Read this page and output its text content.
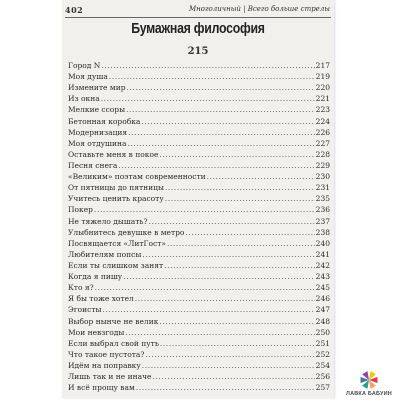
402	Многоличный | Всего больше стрелы
Бумажная философия
215
Город N .....	217
Моя душа .....	219
Измените мир .....	220
Из окна .....	221
Мелкие ссоры .....	223
Бетонная коробка .....	224
Модернизация .....	226
Моя отдушина .....	227
Оставьте меня в покое .....	228
Песня снега .....	229
«Великим» поэтам современности .....	230
От пятницы до пятницы .....	231
Учитесь ценить красоту .....	235
Покер .....	236
Не тяжело дышать? .....	237
Улыбнитесь девушке в метро .....	238
Посвящается «ЛитГост» .....	240
Любителям попсы .....	241
Если ты слишком занят .....	242
Когда я пишу .....	243
Кто я? .....	245
Я бы тоже хотел .....	246
Эгоисты .....	247
Выбор нынче не велик .....	248
Мои невзгоды .....	250
Если выбрал свой путь .....	251
Что такое пустота? .....	252
Идём на поправку .....	254
Лишь так и не иначе .....	256
И всё прощу вам .....	257
ЛАВКА БАБУИН
